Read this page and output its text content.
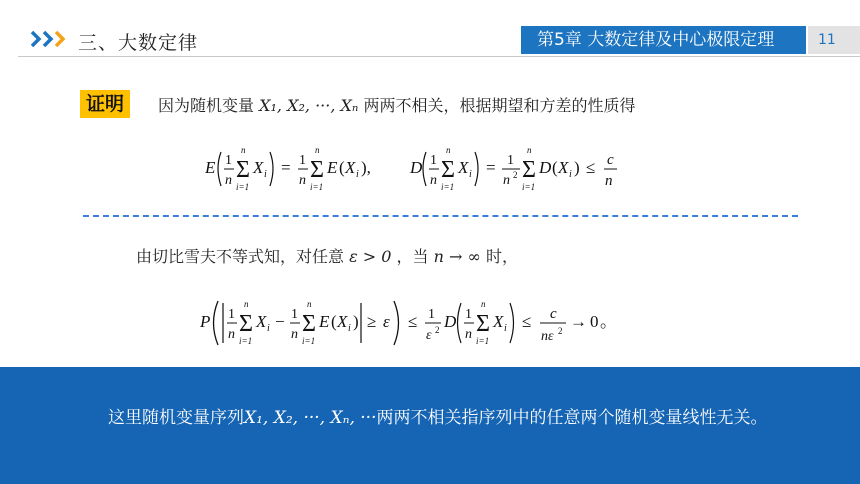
三、大数定律	第5章 大数定律及中心极限定理	11
证明	因为随机变量 X₁, X₂, ···, Xₙ 两两不相关，根据期望和方差的性质得
E 1
n Σ
n
i=1
X i = 1
n Σ
n
i=1
E ( X i ), D 1
n Σ
n
i=1
X i = 1
n 2 Σ
n
i=1
D ( X i ) ≤ c
n
由切比雪夫不等式知，对任意 ε > 0 ，当 n → ∞ 时，
P 1
n Σ
n
i=1
X i − 1
n Σ
n
i=1
E ( X i ) ≥ ε ≤ 1
ε 2 D 1
n Σ
n
i=1
X i ≤ c
nε 2 → 0 。
这里随机变量序列X₁, X₂, ···, Xₙ, ···两两不相关指序列中的任意两个随机变量线性无关。
